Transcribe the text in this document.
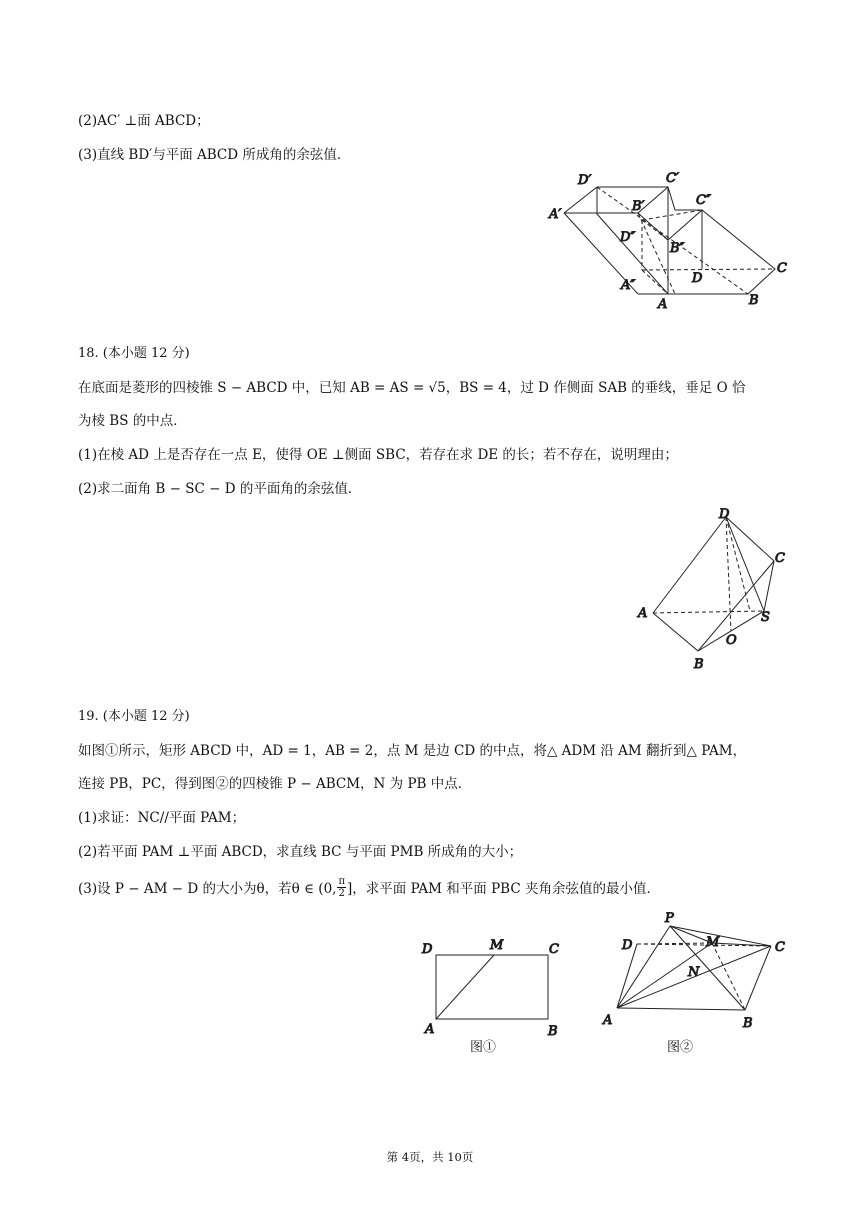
(2)AC′ ⊥面 ABCD；
(3)直线 BD′与平面 ABCD 所成角的余弦值．
D′	C′
C″
A′
B′
D″
B″
C
A″	D
A	B
18. (本小题 12 分)
在底面是菱形的四棱锥 S − ABCD 中，已知 AB = AS = √5，BS = 4，过 D 作侧面 SAB 的垂线，垂足 O 恰
为棱 BS 的中点．
(1)在棱 AD 上是否存在一点 E，使得 OE ⊥侧面 SBC，若存在求 DE 的长；若不存在，说明理由；
(2)求二面角 B − SC − D 的平面角的余弦值．
D
C
A	S
O
B
19. (本小题 12 分)
如图①所示，矩形 ABCD 中，AD = 1，AB = 2，点 M 是边 CD 的中点，将△ ADM 沿 AM 翻折到△ PAM，
连接 PB，PC，得到图②的四棱锥 P − ABCM，N 为 PB 中点．
(1)求证：NC//平面 PAM；
(2)若平面 PAM ⊥平面 ABCD，求直线 BC 与平面 PMB 所成角的大小；
(3)设 P − AM − D 的大小为θ，若θ ∈ (0, $\frac{\pi}{2}$ ]，求平面 PAM 和平面 PBC 夹角余弦值的最小值．
D	M	C
A	B
图①
P
D	M	C
N
A	B
图②
第 4页，共 10页
